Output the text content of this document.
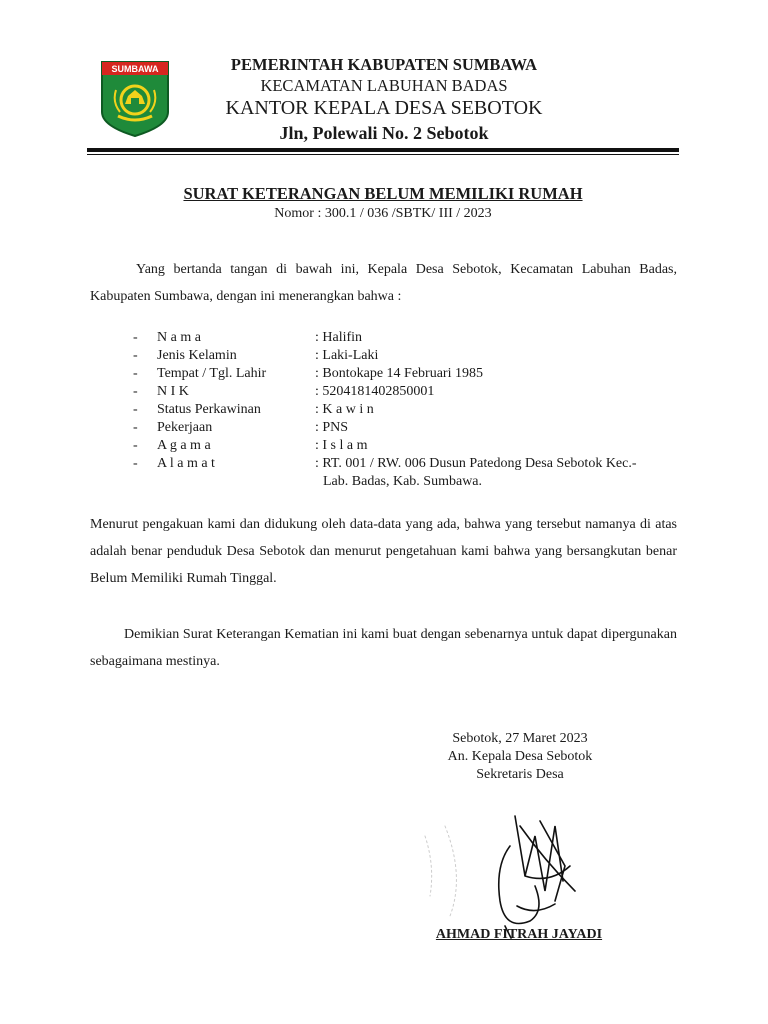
SUMBAWA	PEMERINTAH KABUPATEN SUMBAWA
KECAMATAN LABUHAN BADAS
KANTOR KEPALA DESA SEBOTOK
Jln, Polewali No. 2 Sebotok
SURAT KETERANGAN BELUM MEMILIKI RUMAH
Nomor : 300.1 / 036 /SBTK/ III / 2023

Yang bertanda tangan di bawah ini, Kepala Desa Sebotok, Kecamatan Labuhan Badas, Kabupaten Sumbawa, dengan ini menerangkan bahwa :

-	N a m a	: Halifin
-	Jenis Kelamin	: Laki-Laki
-	Tempat / Tgl. Lahir	: Bontokape 14 Februari 1985
-	N I K	: 5204181402850001
-	Status Perkawinan	: K a w i n
-	Pekerjaan	: PNS
-	A g a m a	: I s l a m
-	A l a m a t	: RT. 001 / RW. 006 Dusun Patedong Desa Sebotok Kec.-
Lab. Badas, Kab. Sumbawa.

Menurut pengakuan kami dan didukung oleh data-data yang ada, bahwa yang tersebut namanya di atas adalah benar penduduk Desa Sebotok dan menurut pengetahuan kami bahwa yang bersangkutan benar Belum Memiliki Rumah Tinggal.

Demikian Surat Keterangan Kematian ini kami buat dengan sebenarnya untuk dapat dipergunakan sebagaimana mestinya.

Sebotok, 27 Maret 2023
An. Kepala Desa Sebotok
Sekretaris Desa
AHMAD FITRAH JAYADI
